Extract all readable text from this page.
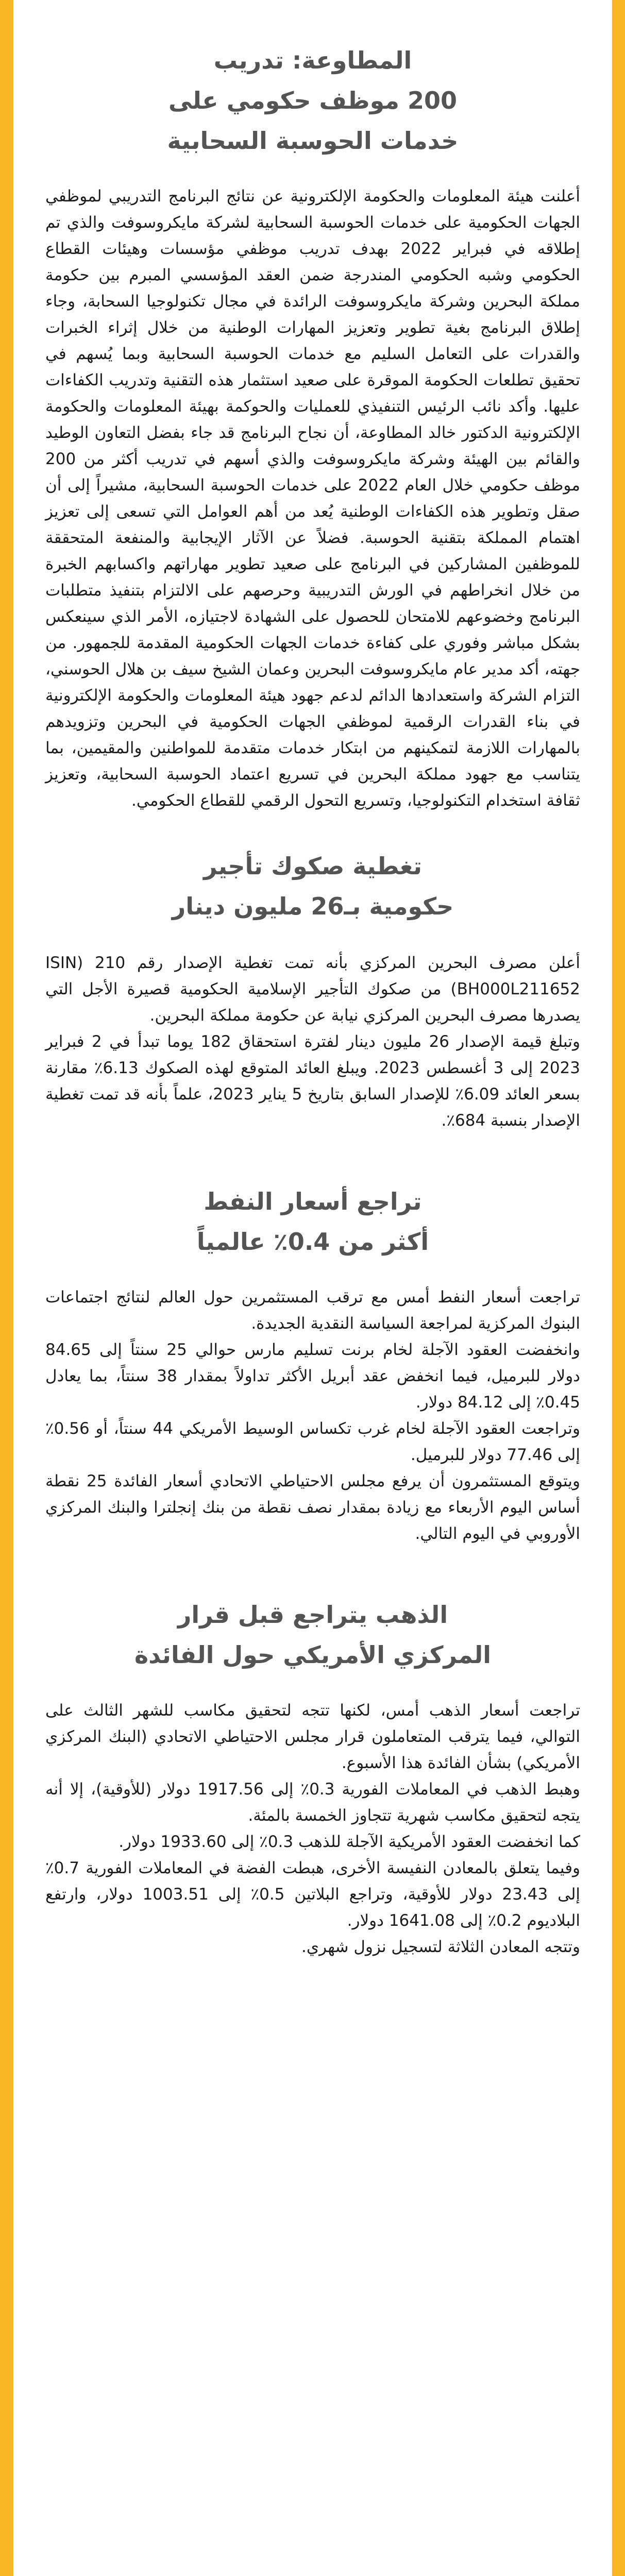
المطاوعة: تدريب
200 موظف حكومي على
خدمات الحوسبة السحابية

أعلنت هيئة المعلومات والحكومة الإلكترونية عن نتائج البرنامج التدريبي لموظفي الجهات الحكومية على خدمات الحوسبة السحابية لشركة مايكروسوفت والذي تم إطلاقه في فبراير 2022 بهدف تدريب موظفي مؤسسات وهيئات القطاع الحكومي وشبه الحكومي المندرجة ضمن العقد المؤسسي المبرم بين حكومة مملكة البحرين وشركة مايكروسوفت الرائدة في مجال تكنولوجيا السحابة، وجاء إطلاق البرنامج بغية تطوير وتعزيز المهارات الوطنية من خلال إثراء الخبرات والقدرات على التعامل السليم مع خدمات الحوسبة السحابية وبما يُسهم في تحقيق تطلعات الحكومة الموقرة على صعيد استثمار هذه التقنية وتدريب الكفاءات عليها. وأكد نائب الرئيس التنفيذي للعمليات والحوكمة بهيئة المعلومات والحكومة الإلكترونية الدكتور خالد المطاوعة، أن نجاح البرنامج قد جاء بفضل التعاون الوطيد والقائم بين الهيئة وشركة مايكروسوفت والذي أسهم في تدريب أكثر من 200 موظف حكومي خلال العام 2022 على خدمات الحوسبة السحابية، مشيراً إلى أن صقل وتطوير هذه الكفاءات الوطنية يُعد من أهم العوامل التي تسعى إلى تعزيز اهتمام المملكة بتقنية الحوسبة. فضلاً عن الآثار الإيجابية والمنفعة المتحققة للموظفين المشاركين في البرنامج على صعيد تطوير مهاراتهم واكسابهم الخبرة من خلال انخراطهم في الورش التدريبية وحرصهم على الالتزام بتنفيذ متطلبات البرنامج وخضوعهم للامتحان للحصول على الشهادة لاجتيازه، الأمر الذي سينعكس بشكل مباشر وفوري على كفاءة خدمات الجهات الحكومية المقدمة للجمهور. من جهته، أكد مدير عام مايكروسوفت البحرين وعمان الشيخ سيف بن هلال الحوسني، التزام الشركة واستعدادها الدائم لدعم جهود هيئة المعلومات والحكومة الإلكترونية في بناء القدرات الرقمية لموظفي الجهات الحكومية في البحرين وتزويدهم بالمهارات اللازمة لتمكينهم من ابتكار خدمات متقدمة للمواطنين والمقيمين، بما يتناسب مع جهود مملكة البحرين في تسريع اعتماد الحوسبة السحابية، وتعزيز ثقافة استخدام التكنولوجيا، وتسريع التحول الرقمي للقطاع الحكومي.

تغطية صكوك تأجير
حكومية بـ26 مليون دينار

أعلن مصرف البحرين المركزي بأنه تمت تغطية الإصدار رقم 210 (ISIN BH000L211652) من صكوك التأجير الإسلامية الحكومية قصيرة الأجل التي يصدرها مصرف البحرين المركزي نيابة عن حكومة مملكة البحرين.

وتبلغ قيمة الإصدار 26 مليون دينار لفترة استحقاق 182 يوما تبدأ في 2 فبراير 2023 إلى 3 أغسطس 2023. ويبلغ العائد المتوقع لهذه الصكوك 6.13٪ مقارنة بسعر العائد 6.09٪ للإصدار السابق بتاريخ 5 يناير 2023، علماً بأنه قد تمت تغطية الإصدار بنسبة 684٪.

تراجع أسعار النفط
أكثر من 0.4٪ عالمياً

تراجعت أسعار النفط أمس مع ترقب المستثمرين حول العالم لنتائج اجتماعات البنوك المركزية لمراجعة السياسة النقدية الجديدة.

وانخفضت العقود الآجلة لخام برنت تسليم مارس حوالي 25 سنتاً إلى 84.65 دولار للبرميل، فيما انخفض عقد أبريل الأكثر تداولاً بمقدار 38 سنتاً، بما يعادل 0.45٪ إلى 84.12 دولار.

وتراجعت العقود الآجلة لخام غرب تكساس الوسيط الأمريكي 44 سنتاً، أو 0.56٪ إلى 77.46 دولار للبرميل.

ويتوقع المستثمرون أن يرفع مجلس الاحتياطي الاتحادي أسعار الفائدة 25 نقطة أساس اليوم الأربعاء مع زيادة بمقدار نصف نقطة من بنك إنجلترا والبنك المركزي الأوروبي في اليوم التالي.

الذهب يتراجع قبل قرار
المركزي الأمريكي حول الفائدة

تراجعت أسعار الذهب أمس، لكنها تتجه لتحقيق مكاسب للشهر الثالث على التوالي، فيما يترقب المتعاملون قرار مجلس الاحتياطي الاتحادي (البنك المركزي الأمريكي) بشأن الفائدة هذا الأسبوع.

وهبط الذهب في المعاملات الفورية 0.3٪ إلى 1917.56 دولار (للأوقية)، إلا أنه يتجه لتحقيق مكاسب شهرية تتجاوز الخمسة بالمئة.

كما انخفضت العقود الأمريكية الآجلة للذهب 0.3٪ إلى 1933.60 دولار.

وفيما يتعلق بالمعادن النفيسة الأخرى، هبطت الفضة في المعاملات الفورية 0.7٪ إلى 23.43 دولار للأوقية، وتراجع البلاتين 0.5٪ إلى 1003.51 دولار، وارتفع البلاديوم 0.2٪ إلى 1641.08 دولار.

وتتجه المعادن الثلاثة لتسجيل نزول شهري.
